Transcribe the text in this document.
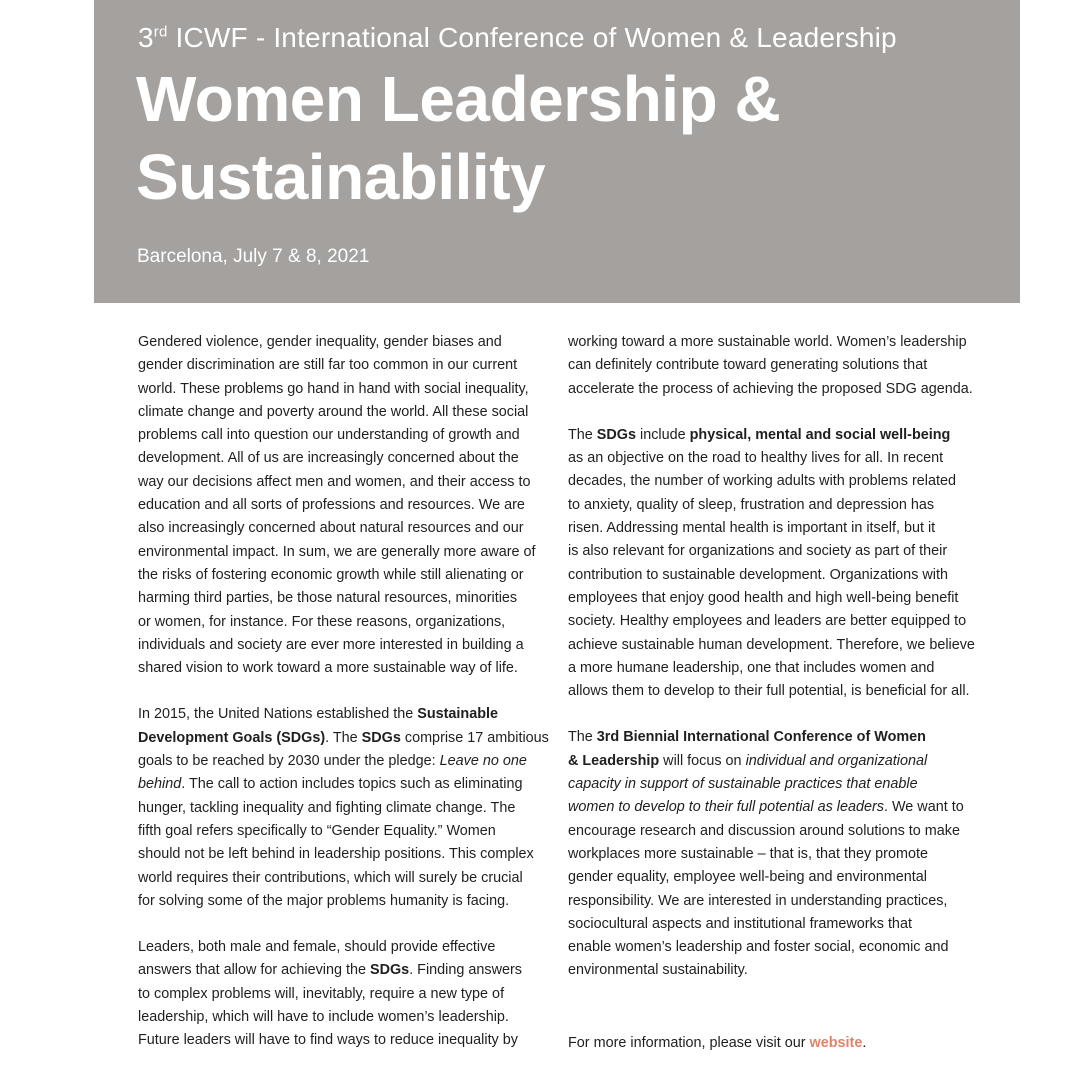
3rd ICWF - International Conference of Women & Leadership
Women Leadership &
Sustainability
Barcelona, July 7 & 8, 2021

Gendered violence, gender inequality, gender biases and
gender discrimination are still far too common in our current
world. These problems go hand in hand with social inequality,
climate change and poverty around the world. All these social
problems call into question our understanding of growth and
development. All of us are increasingly concerned about the
way our decisions affect men and women, and their access to
education and all sorts of professions and resources. We are
also increasingly concerned about natural resources and our
environmental impact. In sum, we are generally more aware of
the risks of fostering economic growth while still alienating or
harming third parties, be those natural resources, minorities
or women, for instance. For these reasons, organizations,
individuals and society are ever more interested in building a
shared vision to work toward a more sustainable way of life.

In 2015, the United Nations established the Sustainable
Development Goals (SDGs). The SDGs comprise 17 ambitious
goals to be reached by 2030 under the pledge: Leave no one
behind. The call to action includes topics such as eliminating
hunger, tackling inequality and fighting climate change. The
fifth goal refers specifically to “Gender Equality.” Women
should not be left behind in leadership positions. This complex
world requires their contributions, which will surely be crucial
for solving some of the major problems humanity is facing.

Leaders, both male and female, should provide effective
answers that allow for achieving the SDGs. Finding answers
to complex problems will, inevitably, require a new type of
leadership, which will have to include women’s leadership.
Future leaders will have to find ways to reduce inequality by

working toward a more sustainable world. Women’s leadership
can definitely contribute toward generating solutions that
accelerate the process of achieving the proposed SDG agenda.

The SDGs include physical, mental and social well-being
as an objective on the road to healthy lives for all. In recent
decades, the number of working adults with problems related
to anxiety, quality of sleep, frustration and depression has
risen. Addressing mental health is important in itself, but it
is also relevant for organizations and society as part of their
contribution to sustainable development. Organizations with
employees that enjoy good health and high well-being benefit
society. Healthy employees and leaders are better equipped to
achieve sustainable human development. Therefore, we believe
a more humane leadership, one that includes women and
allows them to develop to their full potential, is beneficial for all.

The 3rd Biennial International Conference of Women
& Leadership will focus on individual and organizational
capacity in support of sustainable practices that enable
women to develop to their full potential as leaders. We want to
encourage research and discussion around solutions to make
workplaces more sustainable – that is, that they promote
gender equality, employee well-being and environmental
responsibility. We are interested in understanding practices,
sociocultural aspects and institutional frameworks that
enable women’s leadership and foster social, economic and
environmental sustainability.

For more information, please visit our website.
